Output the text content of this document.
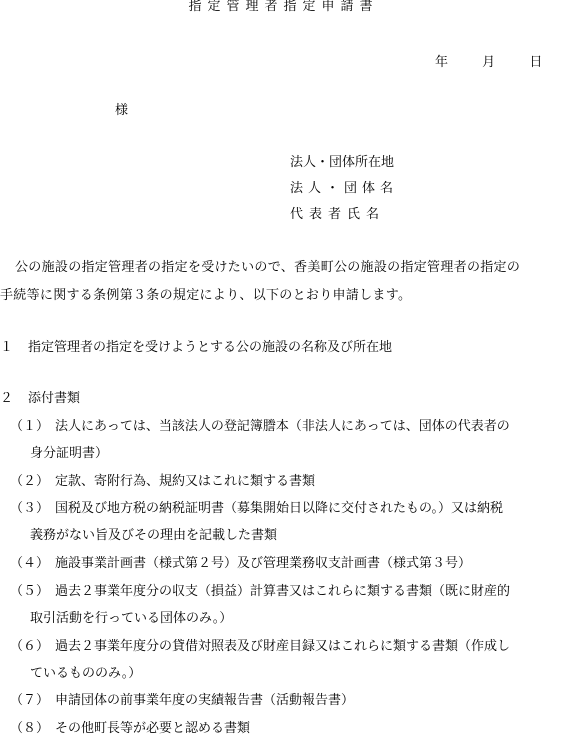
指定管理者指定申請書
年	月	日
様
法人・団体所在地
法人・団体名
代表者氏名
公の施設の指定管理者の指定を受けたいので、香美町公の施設の指定管理者の指定の
手続等に関する条例第３条の規定により、以下のとおり申請します。
１ 指定管理者の指定を受けようとする公の施設の名称及び所在地
２ 添付書類
（１） 法人にあっては、当該法人の登記簿謄本（非法人にあっては、団体の代表者の
身分証明書）
（２） 定款、寄附行為、規約又はこれに類する書類
（３） 国税及び地方税の納税証明書（募集開始日以降に交付されたもの。）又は納税
義務がない旨及びその理由を記載した書類
（４） 施設事業計画書（様式第２号）及び管理業務収支計画書（様式第３号）
（５） 過去２事業年度分の収支（損益）計算書又はこれらに類する書類（既に財産的
取引活動を行っている団体のみ。）
（６） 過去２事業年度分の貸借対照表及び財産目録又はこれらに類する書類（作成し
ているもののみ。）
（７） 申請団体の前事業年度の実績報告書（活動報告書）
（８） その他町長等が必要と認める書類
